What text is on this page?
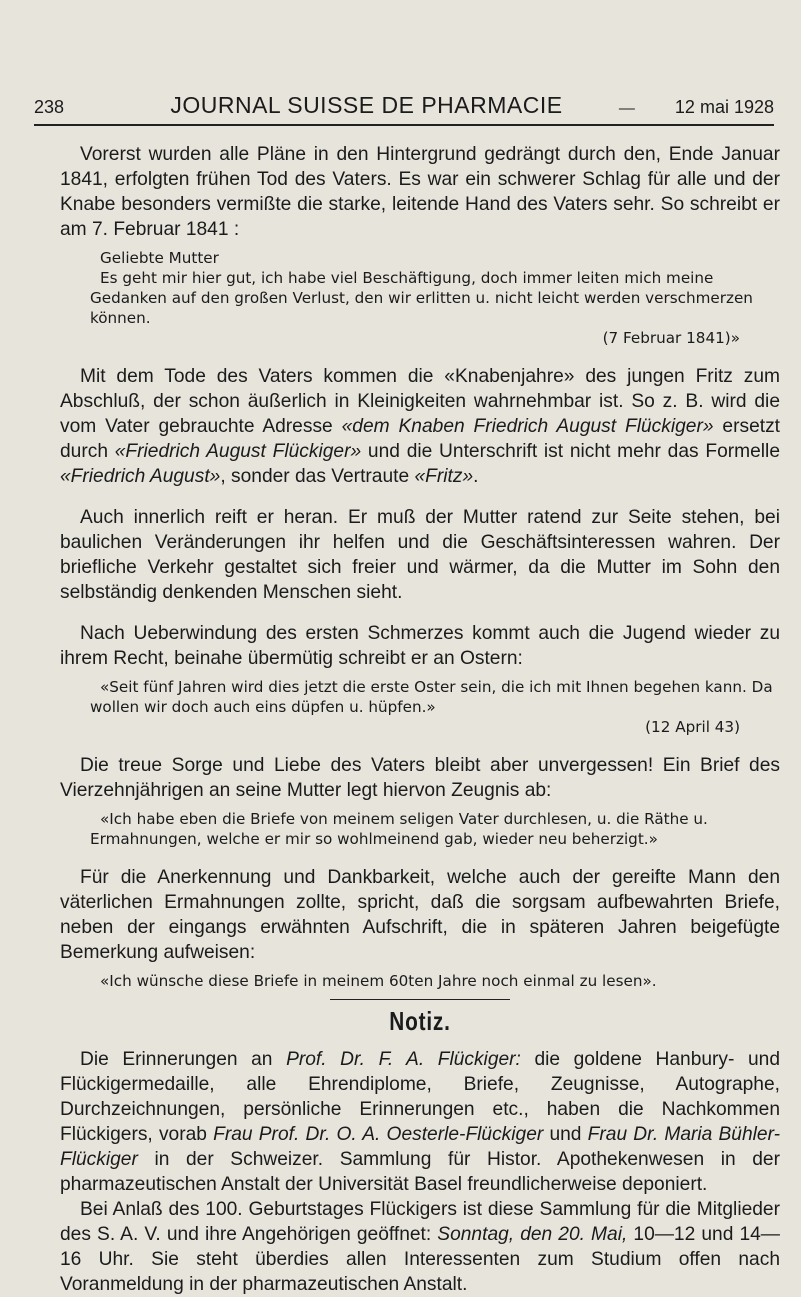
238	JOURNAL SUISSE DE PHARMACIE	— 12 mai 1928

Vorerst wurden alle Pläne in den Hintergrund gedrängt durch den, Ende Januar 1841, erfolgten frühen Tod des Vaters. Es war ein schwerer Schlag für alle und der Knabe besonders vermißte die starke, leitende Hand des Vaters sehr. So schreibt er am 7. Februar 1841 :

Geliebte Mutter

Es geht mir hier gut, ich habe viel Beschäftigung, doch immer leiten mich meine Gedanken auf den großen Verlust, den wir erlitten u. nicht leicht werden verschmerzen können.

(7 Februar 1841)»

Mit dem Tode des Vaters kommen die «Knabenjahre» des jungen Fritz zum Abschluß, der schon äußerlich in Kleinigkeiten wahrnehmbar ist. So z. B. wird die vom Vater gebrauchte Adresse «dem Knaben Friedrich August Flückiger» ersetzt durch «Friedrich August Flückiger» und die Unterschrift ist nicht mehr das Formelle «Friedrich August», sonder das Vertraute «Fritz».

Auch innerlich reift er heran. Er muß der Mutter ratend zur Seite stehen, bei baulichen Veränderungen ihr helfen und die Geschäftsinteressen wahren. Der briefliche Verkehr gestaltet sich freier und wärmer, da die Mutter im Sohn den selbständig denkenden Menschen sieht.

Nach Ueberwindung des ersten Schmerzes kommt auch die Jugend wieder zu ihrem Recht, beinahe übermütig schreibt er an Ostern:

«Seit fünf Jahren wird dies jetzt die erste Oster sein, die ich mit Ihnen begehen kann. Da wollen wir doch auch eins düpfen u. hüpfen.»

(12 April 43)

Die treue Sorge und Liebe des Vaters bleibt aber unvergessen! Ein Brief des Vierzehnjährigen an seine Mutter legt hiervon Zeugnis ab:

«Ich habe eben die Briefe von meinem seligen Vater durchlesen, u. die Räthe u. Ermahnungen, welche er mir so wohlmeinend gab, wieder neu beherzigt.»

Für die Anerkennung und Dankbarkeit, welche auch der gereifte Mann den väterlichen Ermahnungen zollte, spricht, daß die sorgsam aufbewahrten Briefe, neben der eingangs erwähnten Aufschrift, die in späteren Jahren beigefügte Bemerkung aufweisen:

«Ich wünsche diese Briefe in meinem 60ten Jahre noch einmal zu lesen».

Notiz.

Die Erinnerungen an Prof. Dr. F. A. Flückiger: die goldene Hanbury- und Flückigermedaille, alle Ehrendiplome, Briefe, Zeugnisse, Autographe, Durchzeichnungen, persönliche Erinnerungen etc., haben die Nachkommen Flückigers, vorab Frau Prof. Dr. O. A. Oesterle-Flückiger und Frau Dr. Maria Bühler-Flückiger in der Schweizer. Sammlung für Histor. Apothekenwesen in der pharmazeutischen Anstalt der Universität Basel freundlicherweise deponiert.

Bei Anlaß des 100. Geburtstages Flückigers ist diese Sammlung für die Mitglieder des S. A. V. und ihre Angehörigen geöffnet: Sonntag, den 20. Mai, 10—12 und 14—16 Uhr. Sie steht überdies allen Interessenten zum Studium offen nach Voranmeldung in der pharmazeutischen Anstalt.
